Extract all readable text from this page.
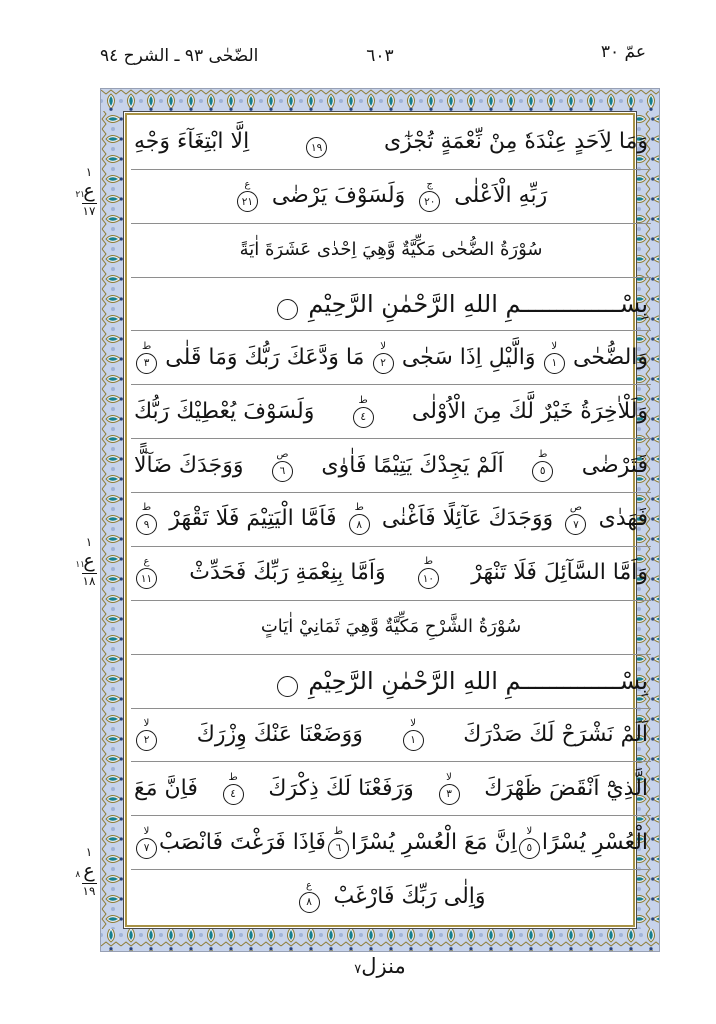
الضّحٰى ٩٣ ـ الشرح ٩٤	٦٠٣	عمّ ٣٠
وَمَا لِاَحَدٍ عِنْدَهٗ مِنْ نِّعْمَةٍ تُجْزٰٓى
١٩
اِلَّا ابْتِغَآءَ وَجْهِ
رَبِّهِ الْاَعْلٰى
ج
٢٠
وَلَسَوْفَ يَرْضٰى
ع
٢١
سُوْرَةُ الضُّحٰى مَكِّيَّةٌ وَّهِيَ اِحْدٰى عَشَرَةَ اٰيَةً
بِسْــــــــــــــمِ اللهِ الرَّحْمٰنِ الرَّحِيْمِ
وَالضُّحٰى
لا
١
وَالَّيْلِ اِذَا سَجٰى
لا
٢
مَا وَدَّعَكَ رَبُّكَ وَمَا قَلٰى
ط
٣
وَلَلْاٰخِرَةُ خَيْرٌ لَّكَ مِنَ الْاُوْلٰى
ط
٤
وَلَسَوْفَ يُعْطِيْكَ رَبُّكَ
فَتَرْضٰى
ط
٥
اَلَمْ يَجِدْكَ يَتِيْمًا فَاٰوٰى
ص
٦
وَوَجَدَكَ ضَآلًّا
فَهَدٰى
ص
٧
وَوَجَدَكَ عَآئِلًا فَاَغْنٰى
ط
٨
فَاَمَّا الْيَتِيْمَ فَلَا تَقْهَرْ
ط
٩
وَاَمَّا السَّآئِلَ فَلَا تَنْهَرْ
ط
١٠
وَاَمَّا بِنِعْمَةِ رَبِّكَ فَحَدِّثْ
ع
١١
سُوْرَةُ الشَّرْحِ مَكِّيَّةٌ وَّهِيَ ثَمَانِيْ اٰيَاتٍ
بِسْــــــــــــــمِ اللهِ الرَّحْمٰنِ الرَّحِيْمِ
اَلَمْ نَشْرَحْ لَكَ صَدْرَكَ
لا
١
وَوَضَعْنَا عَنْكَ وِزْرَكَ
لا
٢
الَّذِيْٓ اَنْقَضَ ظَهْرَكَ
لا
٣
وَرَفَعْنَا لَكَ ذِكْرَكَ
ط
٤
فَاِنَّ مَعَ
الْعُسْرِ يُسْرًا
لا
٥
اِنَّ مَعَ الْعُسْرِ يُسْرًا
ط
٦
فَاِذَا فَرَغْتَ فَانْصَبْ
لا
٧
وَاِلٰى رَبِّكَ فَارْغَبْ
ع
٨
١
ع
٢١
١٧
١
ع
١١
١٨
١
ع
٨
١٩
منزل٧
